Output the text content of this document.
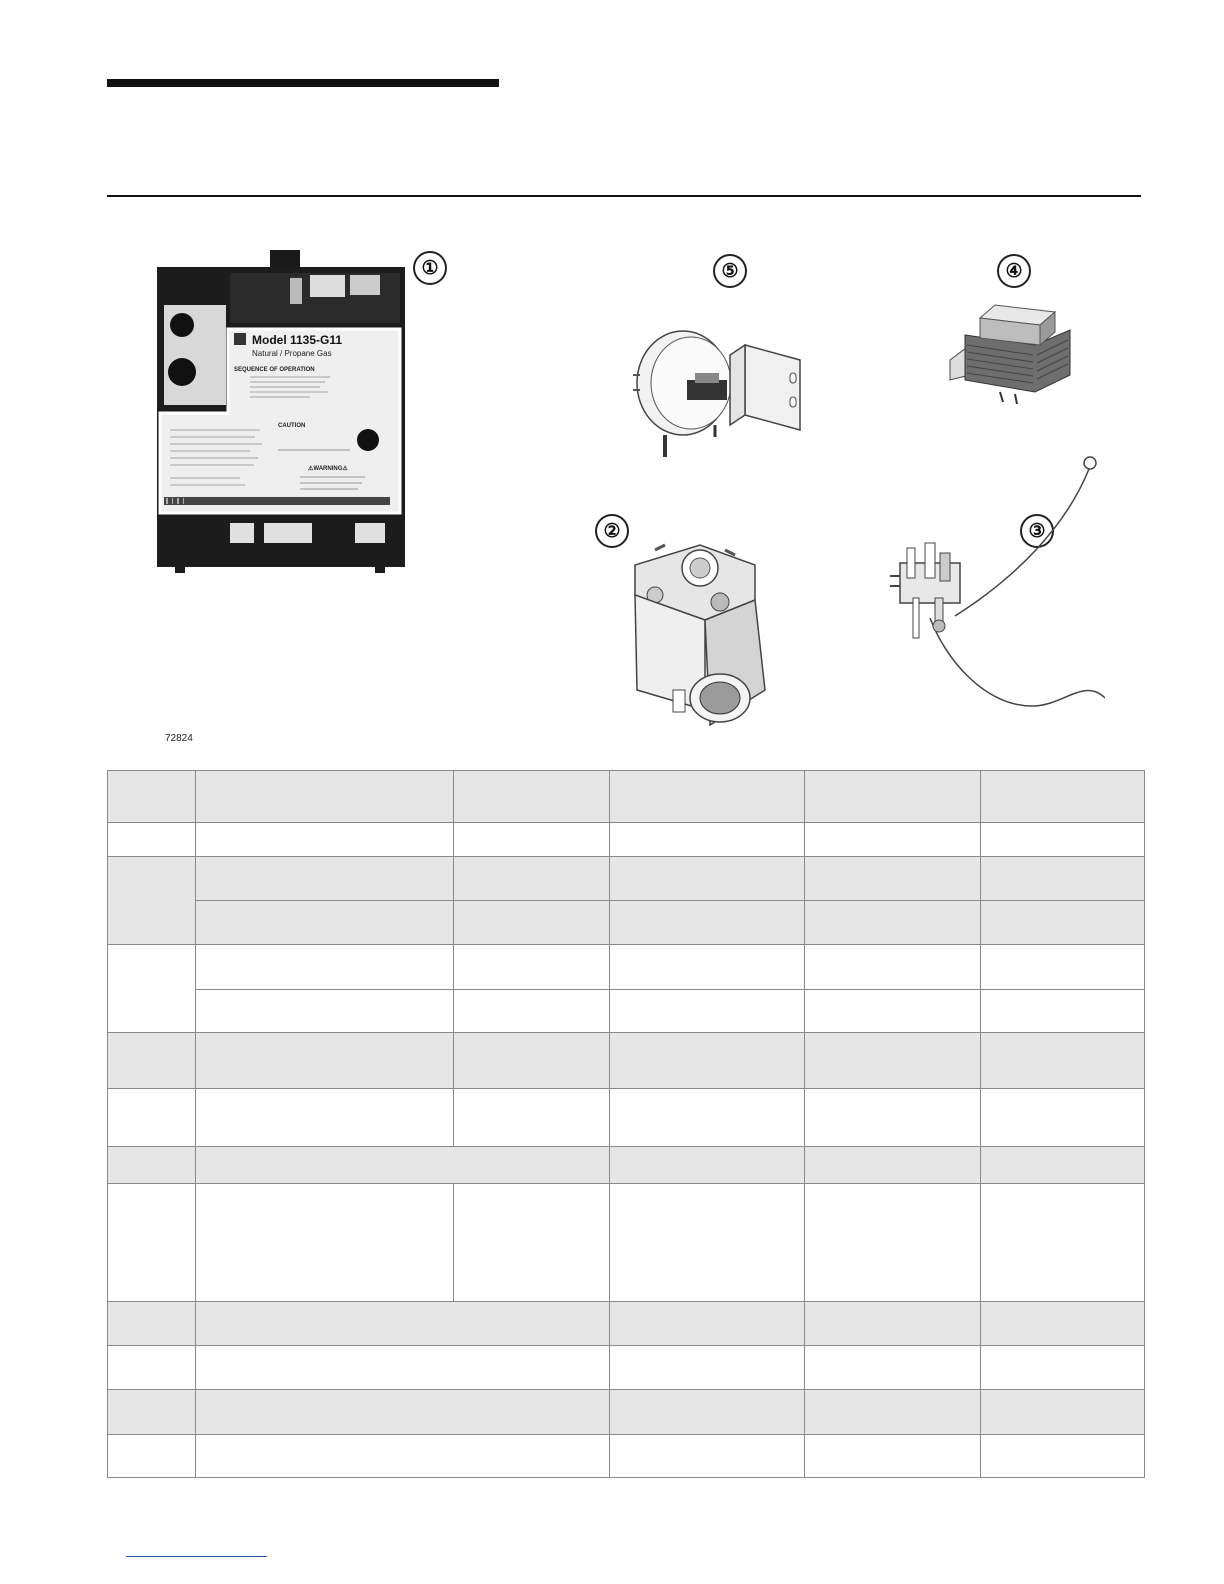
①	⑤	④
②	③
Model 1135-G11
Natural / Propane Gas
SEQUENCE OF OPERATION
CAUTION
⚠WARNING⚠
72824
